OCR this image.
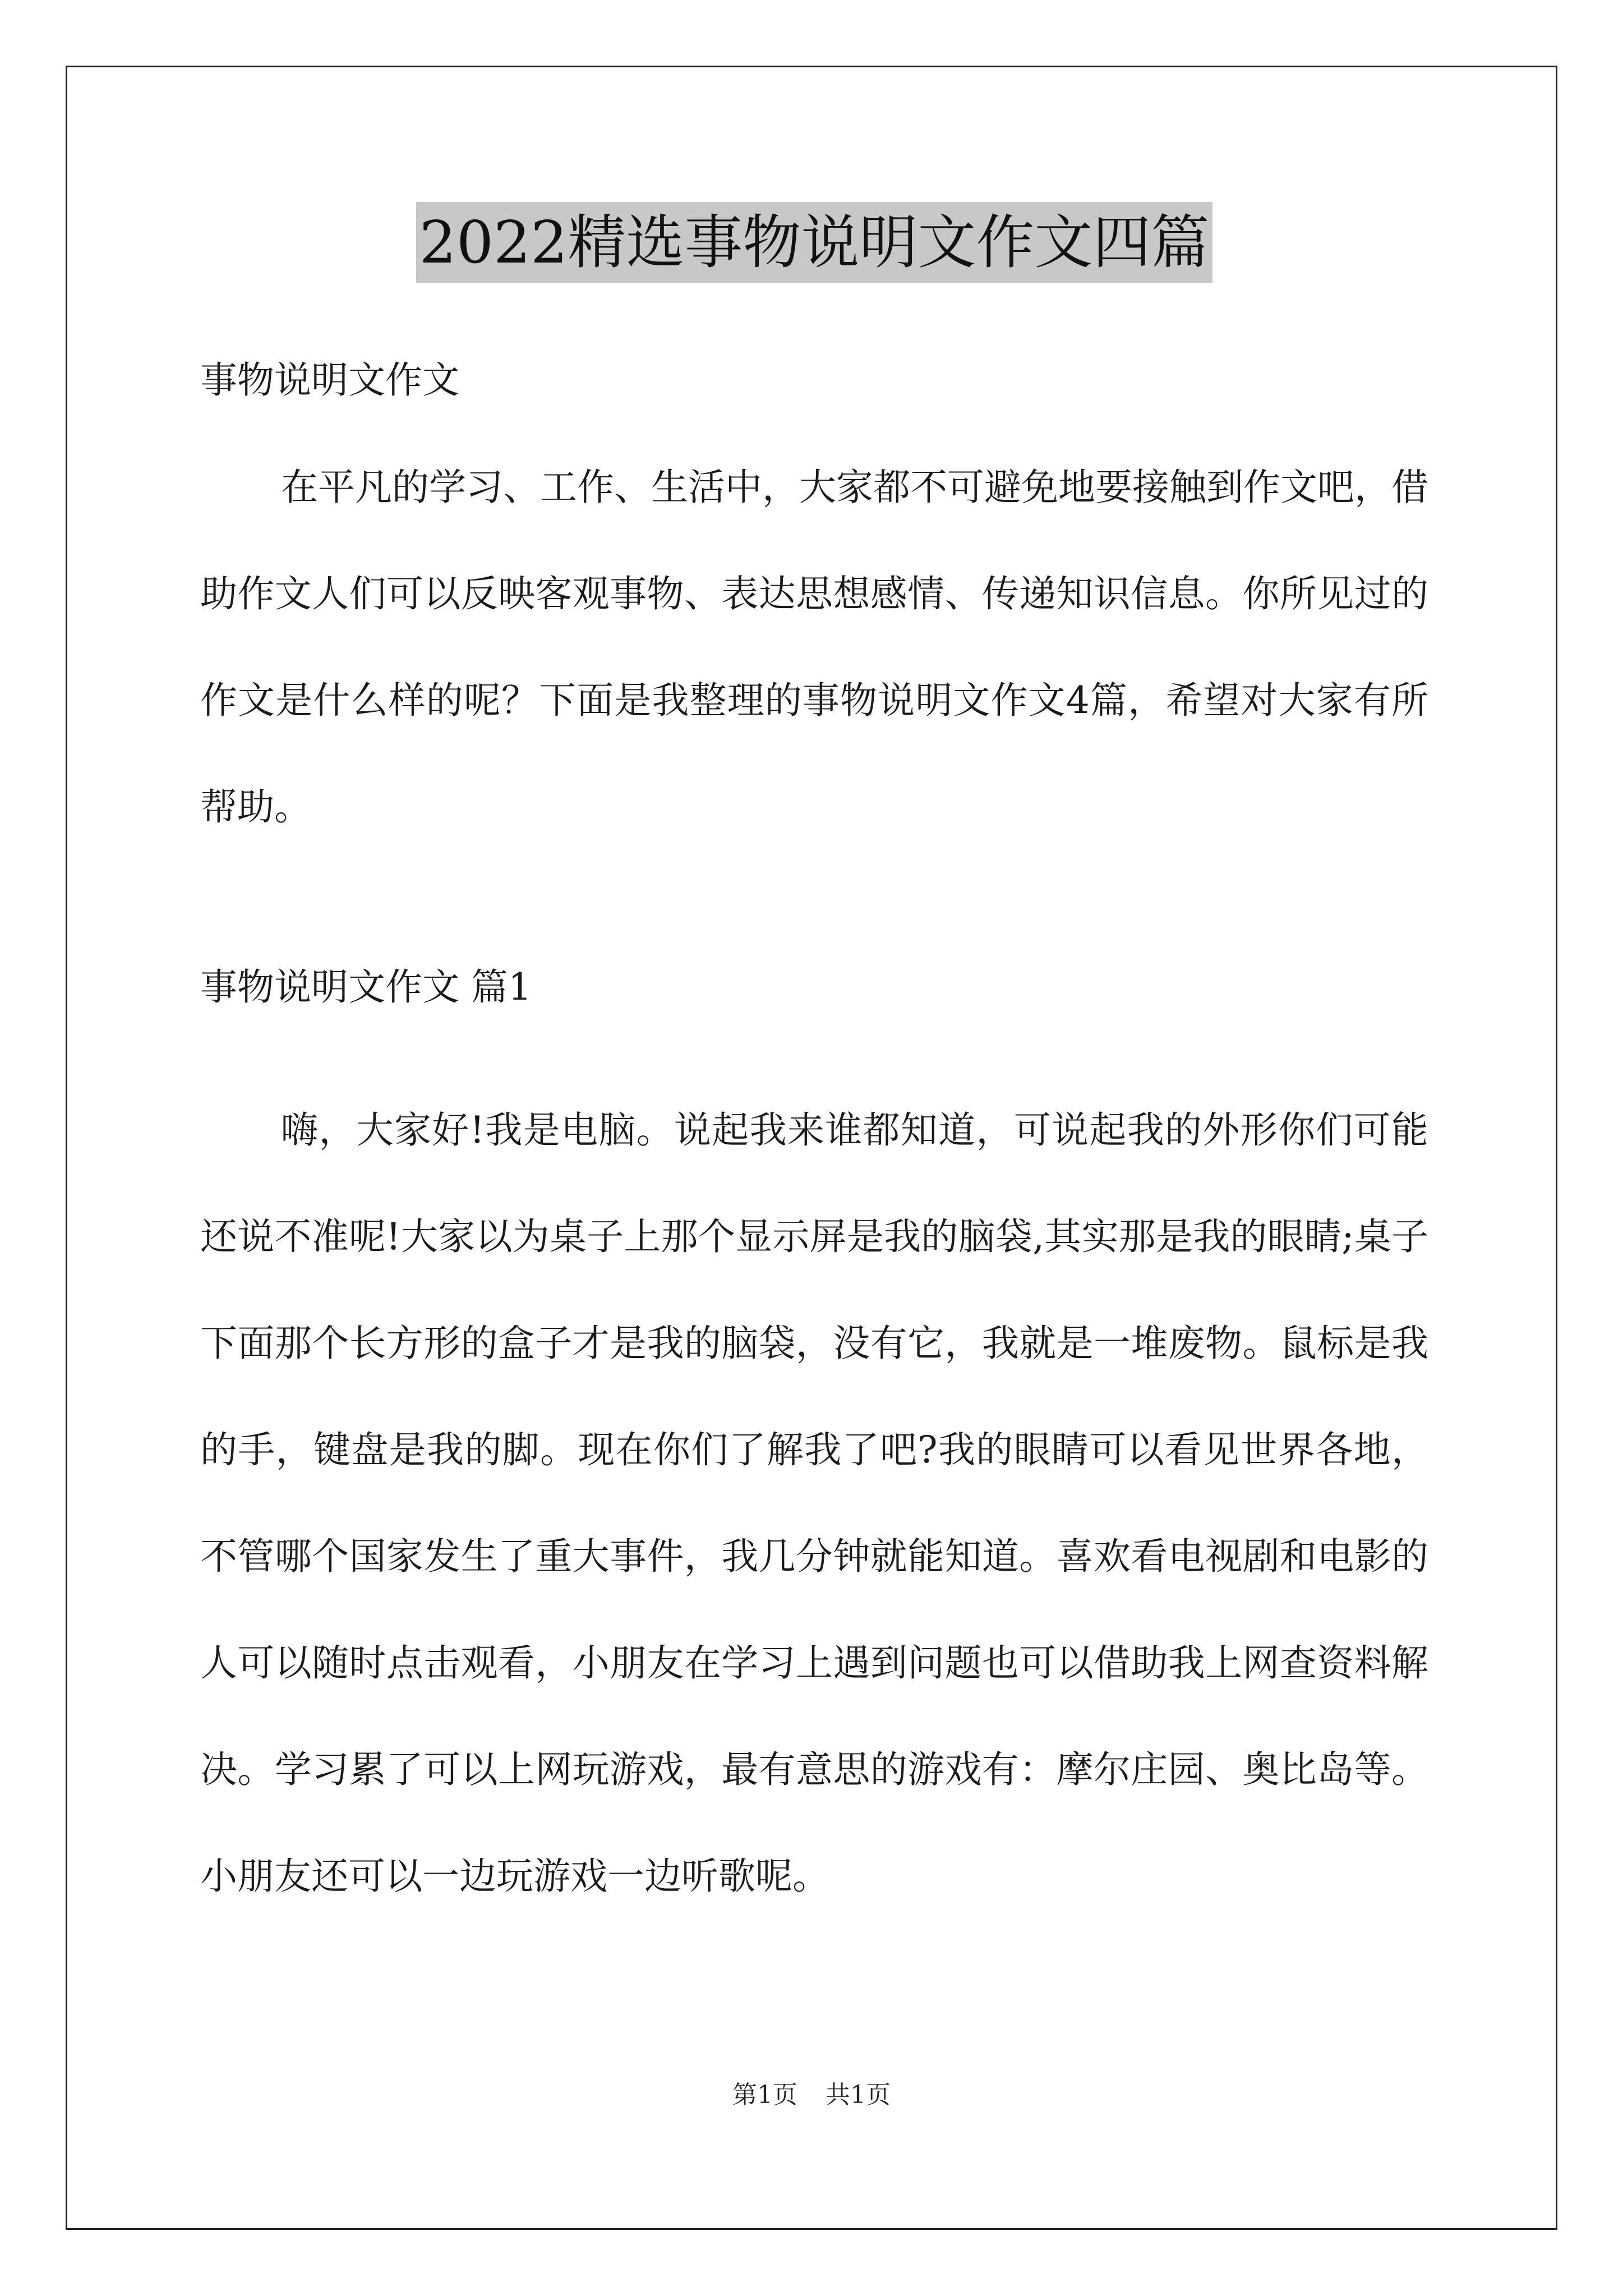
2022精选事物说明文作文四篇
事物说明文作文

在平凡的学习、工作、生活中，大家都不可避免地要接触到作文吧，借助作文人们可以反映客观事物、表达思想感情、传递知识信息。你所见过的作文是什么样的呢？下面是我整理的事物说明文作文4篇，希望对大家有所帮助。

事物说明文作文 篇1

嗨，大家好!我是电脑。说起我来谁都知道，可说起我的外形你们可能还说不准呢!大家以为桌子上那个显示屏是我的脑袋,其实那是我的眼睛;桌子下面那个长方形的盒子才是我的脑袋，没有它，我就是一堆废物。鼠标是我的手，键盘是我的脚。现在你们了解我了吧?我的眼睛可以看见世界各地，不管哪个国家发生了重大事件，我几分钟就能知道。喜欢看电视剧和电影的人可以随时点击观看，小朋友在学习上遇到问题也可以借助我上网查资料解决。学习累了可以上网玩游戏，最有意思的游戏有：摩尔庄园、奥比岛等。小朋友还可以一边玩游戏一边听歌呢。

第1页 共1页
